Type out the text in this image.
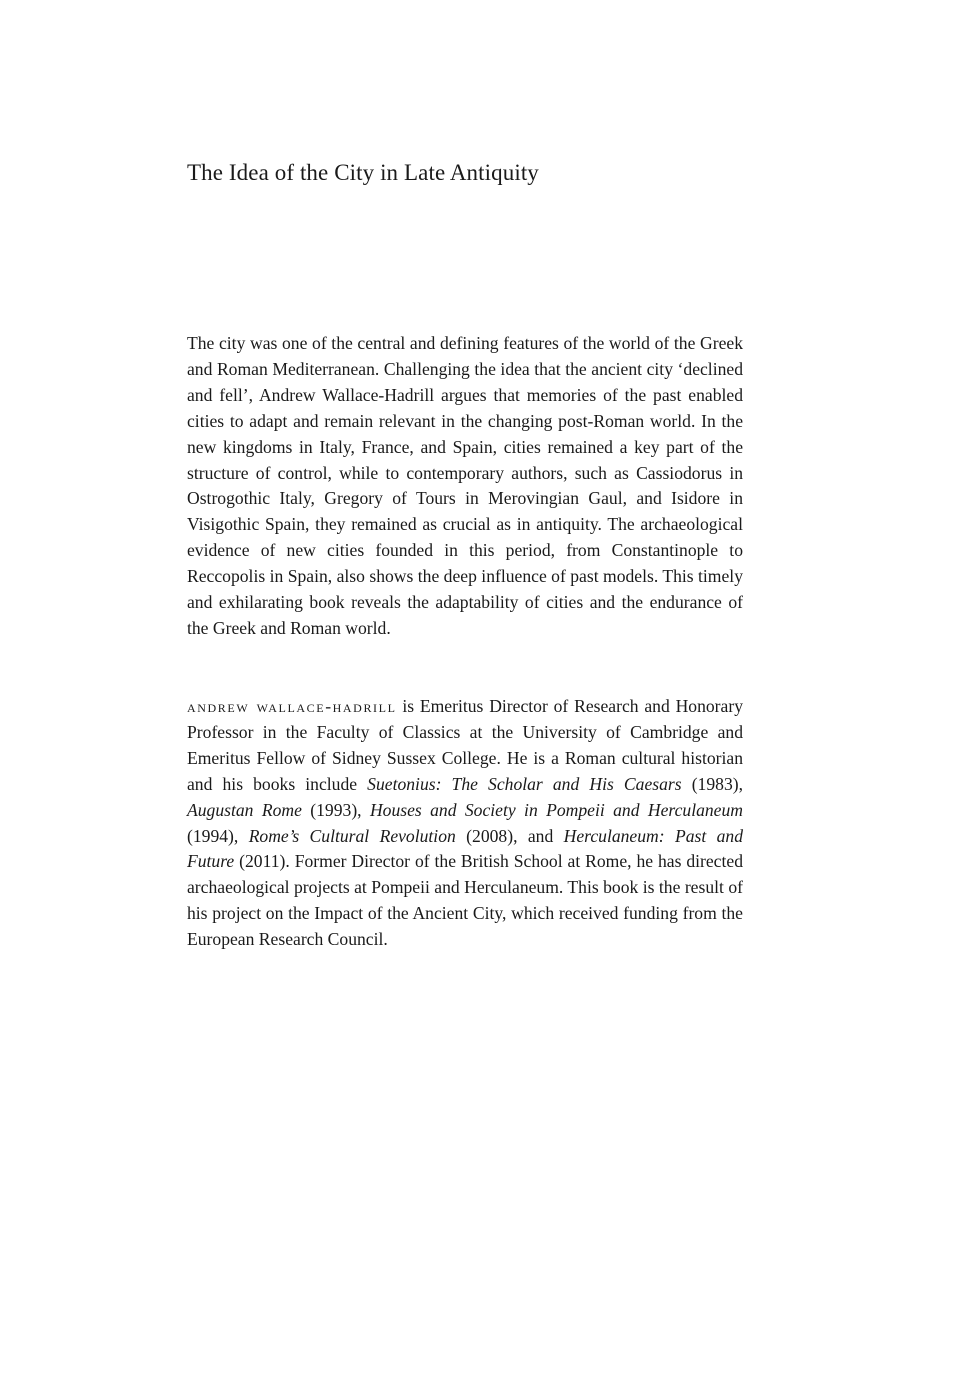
The Idea of the City in Late Antiquity

The city was one of the central and defining features of the world of the Greek and Roman Mediterranean. Challenging the idea that the ancient city ‘declined and fell’, Andrew Wallace-Hadrill argues that memories of the past enabled cities to adapt and remain relevant in the changing post-Roman world. In the new kingdoms in Italy, France, and Spain, cities remained a key part of the structure of control, while to contemporary authors, such as Cassiodorus in Ostrogothic Italy, Gregory of Tours in Merovingian Gaul, and Isidore in Visigothic Spain, they remained as crucial as in antiquity. The archaeological evidence of new cities founded in this period, from Constantinople to Reccopolis in Spain, also shows the deep influence of past models. This timely and exhilarating book reveals the adaptability of cities and the endurance of the Greek and Roman world.

andrew wallace-hadrill is Emeritus Director of Research and Honorary Professor in the Faculty of Classics at the University of Cambridge and Emeritus Fellow of Sidney Sussex College. He is a Roman cultural historian and his books include Suetonius: The Scholar and His Caesars (1983), Augustan Rome (1993), Houses and Society in Pompeii and Herculaneum (1994), Rome’s Cultural Revolution (2008), and Herculaneum: Past and Future (2011). Former Director of the British School at Rome, he has directed archaeological projects at Pompeii and Herculaneum. This book is the result of his project on the Impact of the Ancient City, which received funding from the European Research Council.
